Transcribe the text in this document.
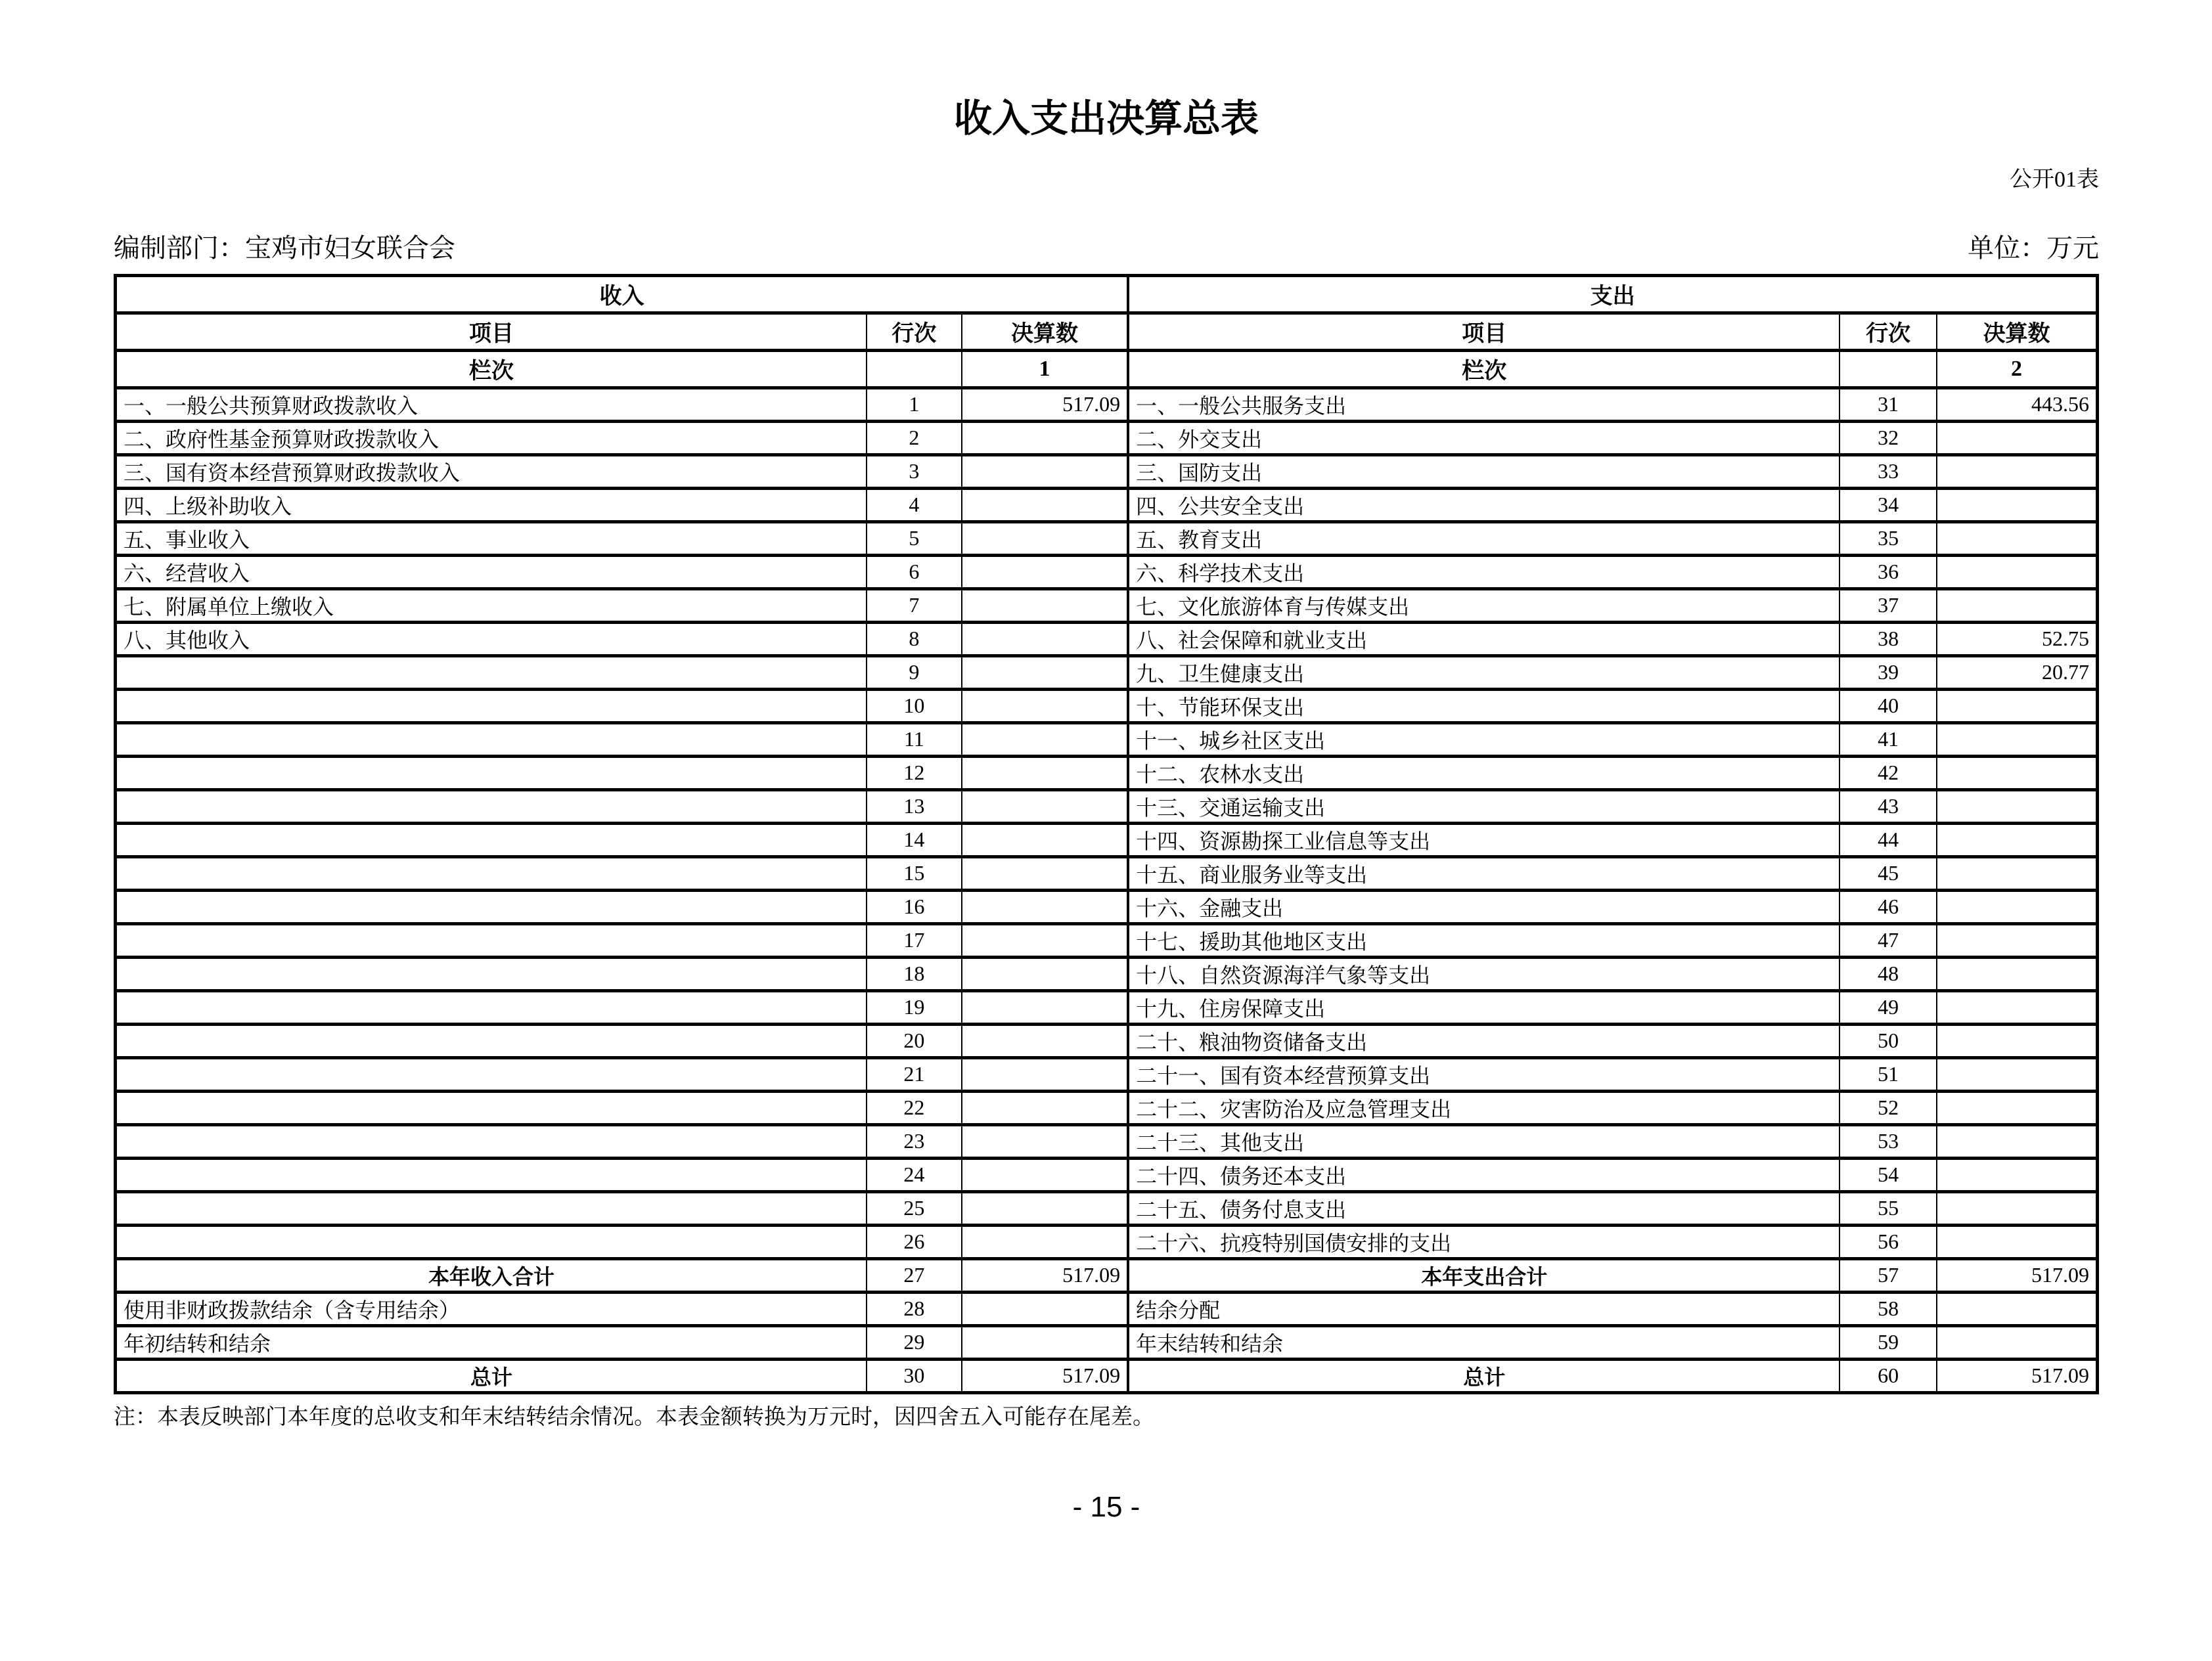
收入支出决算总表
公开01表
编制部门：宝鸡市妇女联合会	单位：万元
收入			支出		
项目	行次	决算数	项目	行次	决算数
栏次		1	栏次		2
一、一般公共预算财政拨款收入	1	517.09	一、一般公共服务支出	31	443.56
二、政府性基金预算财政拨款收入	2		二、外交支出	32	
三、国有资本经营预算财政拨款收入	3		三、国防支出	33	
四、上级补助收入	4		四、公共安全支出	34	
五、事业收入	5		五、教育支出	35	
六、经营收入	6		六、科学技术支出	36	
七、附属单位上缴收入	7		七、文化旅游体育与传媒支出	37	
八、其他收入	8		八、社会保障和就业支出	38	52.75
	9		九、卫生健康支出	39	20.77
	10		十、节能环保支出	40	
	11		十一、城乡社区支出	41	
	12		十二、农林水支出	42	
	13		十三、交通运输支出	43	
	14		十四、资源勘探工业信息等支出	44	
	15		十五、商业服务业等支出	45	
	16		十六、金融支出	46	
	17		十七、援助其他地区支出	47	
	18		十八、自然资源海洋气象等支出	48	
	19		十九、住房保障支出	49	
	20		二十、粮油物资储备支出	50	
	21		二十一、国有资本经营预算支出	51	
	22		二十二、灾害防治及应急管理支出	52	
	23		二十三、其他支出	53	
	24		二十四、债务还本支出	54	
	25		二十五、债务付息支出	55	
	26		二十六、抗疫特别国债安排的支出	56	
本年收入合计	27	517.09	本年支出合计	57	517.09
使用非财政拨款结余（含专用结余）	28		结余分配	58	
年初结转和结余	29		年末结转和结余	59	
总计	30	517.09	总计	60	517.09
注：本表反映部门本年度的总收支和年末结转结余情况。本表金额转换为万元时，因四舍五入可能存在尾差。
- 15 -
